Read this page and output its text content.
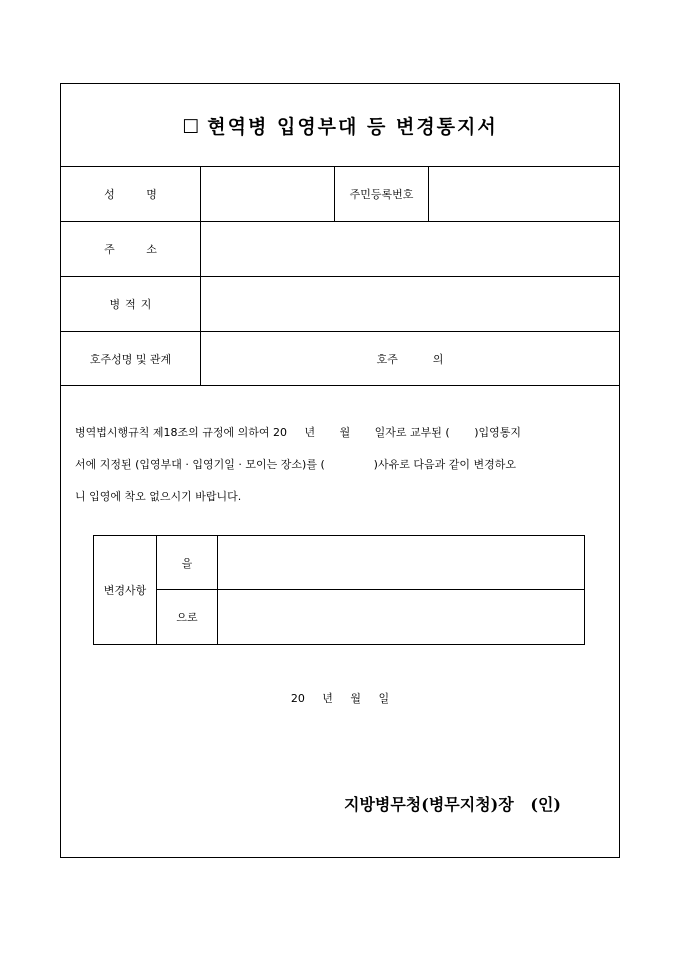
☐ 현역병 입영부대 등 변경통지서
성 명	주민등록번호
주 소
병적지
호주성명 및 관계	호주          의

병역법시행규칙 제18조의 규정에 의하여 20     년       월       일자로 교부된 (       )입영통지
서에 지정된 (입영부대 · 입영기일 · 모이는 장소)를 (              )사유로 다음과 같이 변경하오
니 입영에 착오 없으시기 바랍니다.

변경사항
을
으로
20     년     월     일
지방병무청(병무지청)장   (인)
